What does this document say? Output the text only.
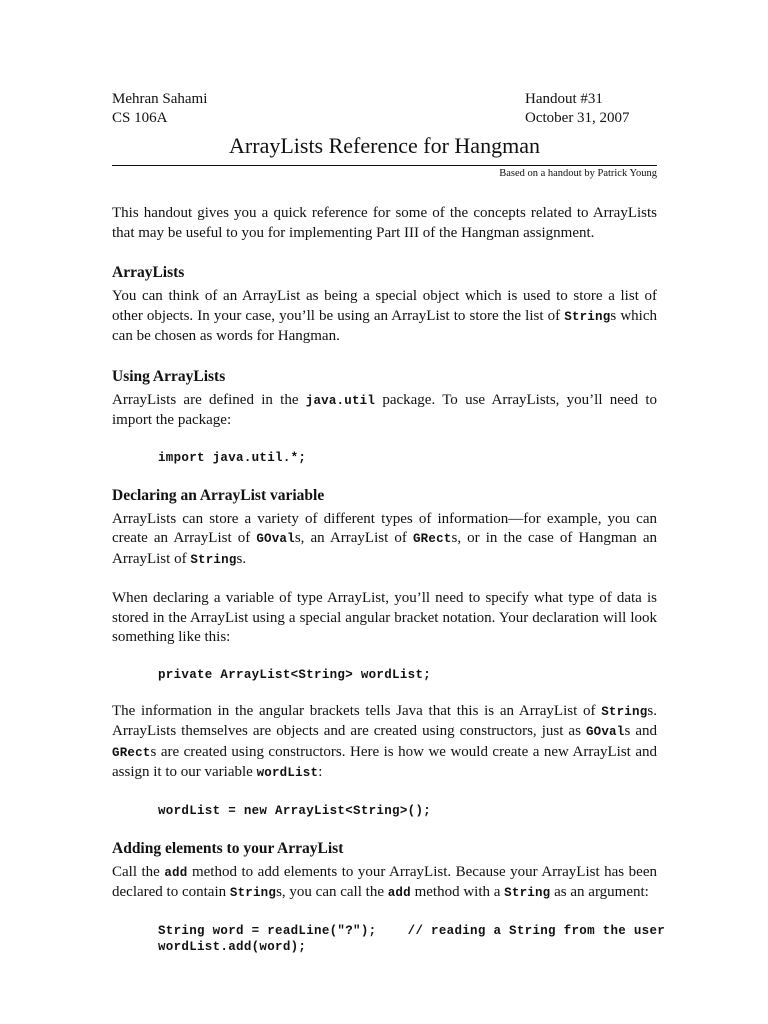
Mehran Sahami	Handout #31
CS 106A	October 31, 2007
ArrayLists Reference for Hangman
Based on a handout by Patrick Young

This handout gives you a quick reference for some of the concepts related to ArrayLists that may be useful to you for implementing Part III of the Hangman assignment.

ArrayLists

You can think of an ArrayList as being a special object which is used to store a list of other objects. In your case, you’ll be using an ArrayList to store the list of Strings which can be chosen as words for Hangman.

Using ArrayLists

ArrayLists are defined in the java.util package. To use ArrayLists, you’ll need to import the package:

import java.util.*;
Declaring an ArrayList variable

ArrayLists can store a variety of different types of information—for example, you can create an ArrayList of GOvals, an ArrayList of GRects, or in the case of Hangman an ArrayList of Strings.

When declaring a variable of type ArrayList, you’ll need to specify what type of data is stored in the ArrayList using a special angular bracket notation. Your declaration will look something like this:

private ArrayList<String> wordList;

The information in the angular brackets tells Java that this is an ArrayList of Strings. ArrayLists themselves are objects and are created using constructors, just as GOvals and GRects are created using constructors. Here is how we would create a new ArrayList and assign it to our variable wordList:

wordList = new ArrayList<String>();
Adding elements to your ArrayList

Call the add method to add elements to your ArrayList. Because your ArrayList has been declared to contain Strings, you can call the add method with a String as an argument:

String word = readLine("?");    // reading a String from the user
wordList.add(word);
